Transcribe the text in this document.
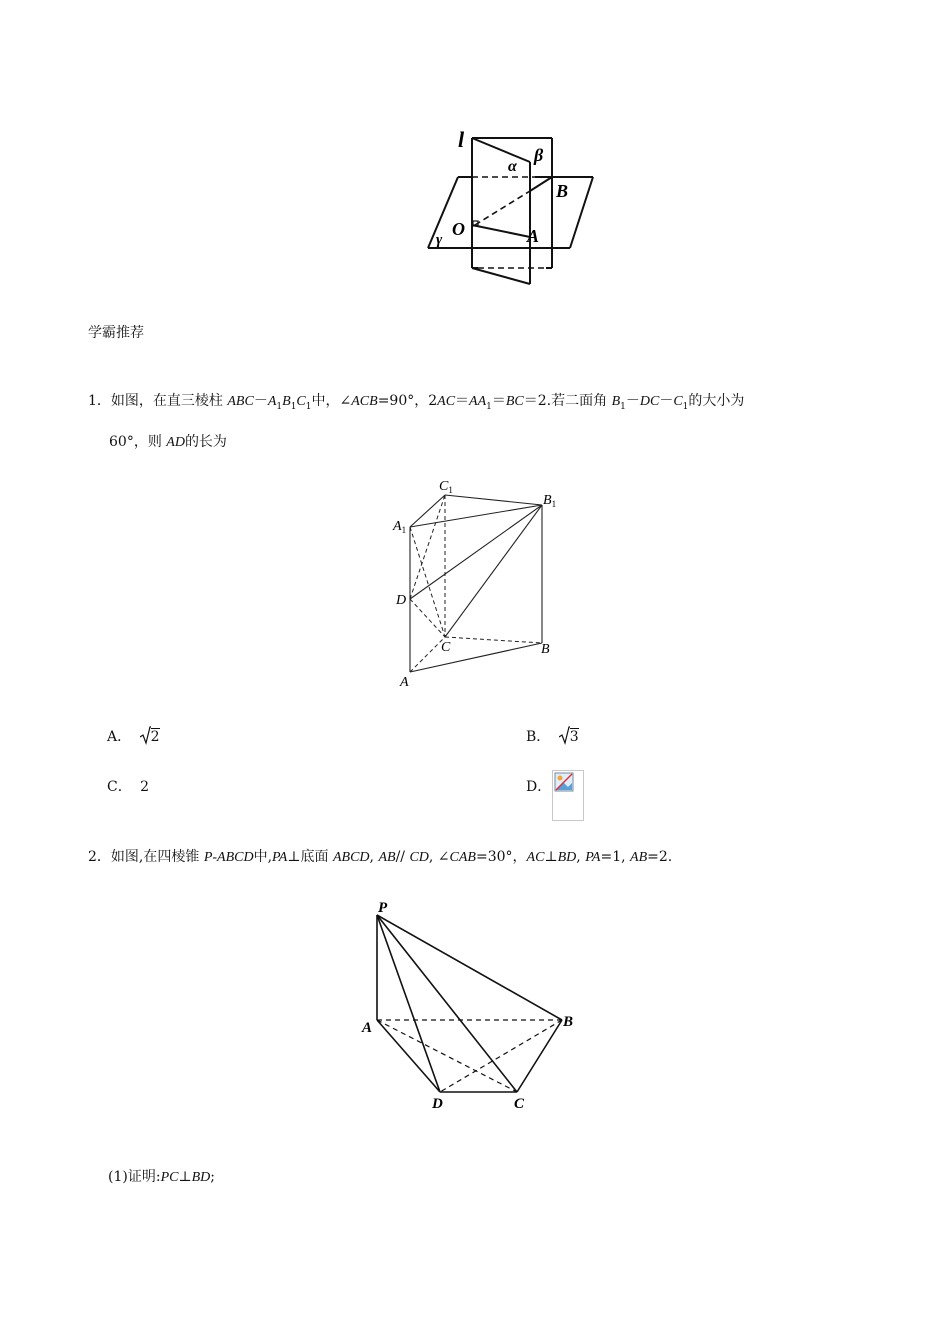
l
α
β
B
O
γ	A
学霸推荐
1．如图，在直三棱柱 $ABC-A_1B_1C_1$中，∠ACB=90°，$2AC=AA_1=BC=2$.若二面角 $B_1-DC-C_1$的大小为
60°，则 AD的长为
$C_1$
$B_1$
$A_1$
D
C	B
A
A． 2	B． 3
C． 2	D．
2．如图,在四棱锥 P-ABCD中,PA⊥底面 ABCD, AB// CD, ∠CAB=30°，AC⊥BD, PA=1, AB=2.
P
A	B
D	C
(1)证明:PC⊥BD;
